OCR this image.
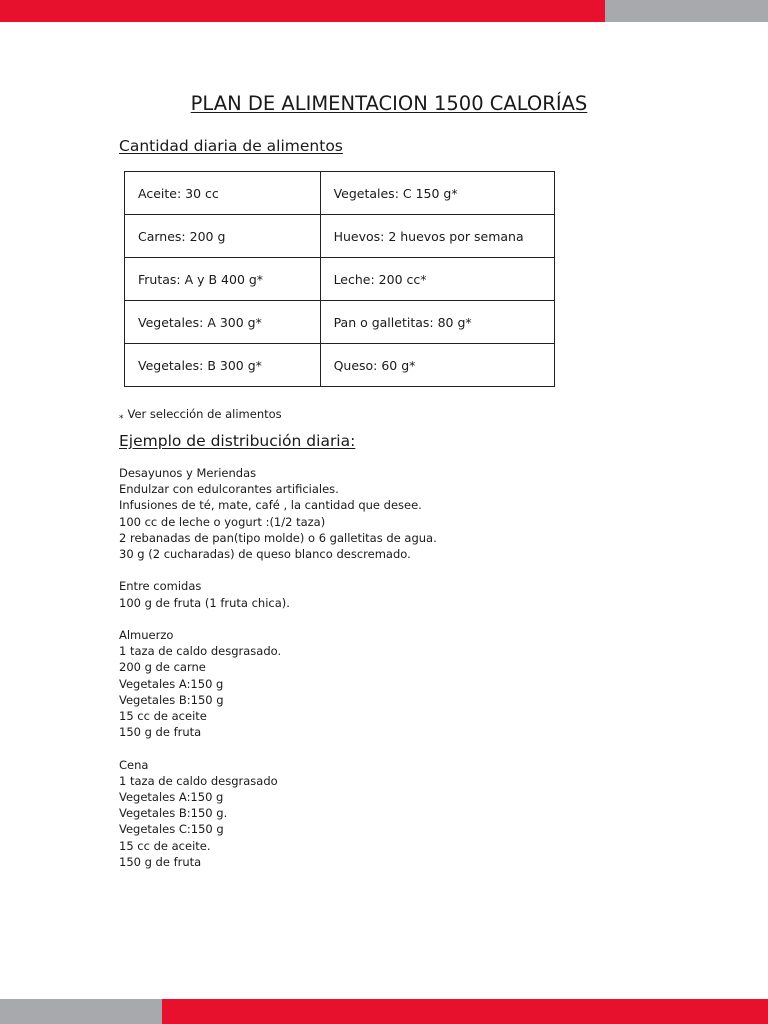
PLAN DE ALIMENTACION 1500 CALORÍAS
Cantidad diaria de alimentos
Aceite: 30 cc	Vegetales: C 150 g*
Carnes: 200 g	Huevos: 2 huevos por semana
Frutas: A y B 400 g*	Leche: 200 cc*
Vegetales: A 300 g*	Pan o galletitas: 80 g*
Vegetales: B 300 g*	Queso: 60 g*
$_*$ Ver selección de alimentos
Ejemplo de distribución diaria:
Desayunos y Meriendas
Endulzar con edulcorantes artificiales.
Infusiones de té, mate, café , la cantidad que desee.
100 cc de leche o yogurt :(1/2 taza)
2 rebanadas de pan(tipo molde) o 6 galletitas de agua.
30 g (2 cucharadas) de queso blanco descremado.
Entre comidas
100 g de fruta (1 fruta chica).
Almuerzo
1 taza de caldo desgrasado.
200 g de carne
Vegetales A:150 g
Vegetales B:150 g
15 cc de aceite
150 g de fruta
Cena
1 taza de caldo desgrasado
Vegetales A:150 g
Vegetales B:150 g.
Vegetales C:150 g
15 cc de aceite.
150 g de fruta
